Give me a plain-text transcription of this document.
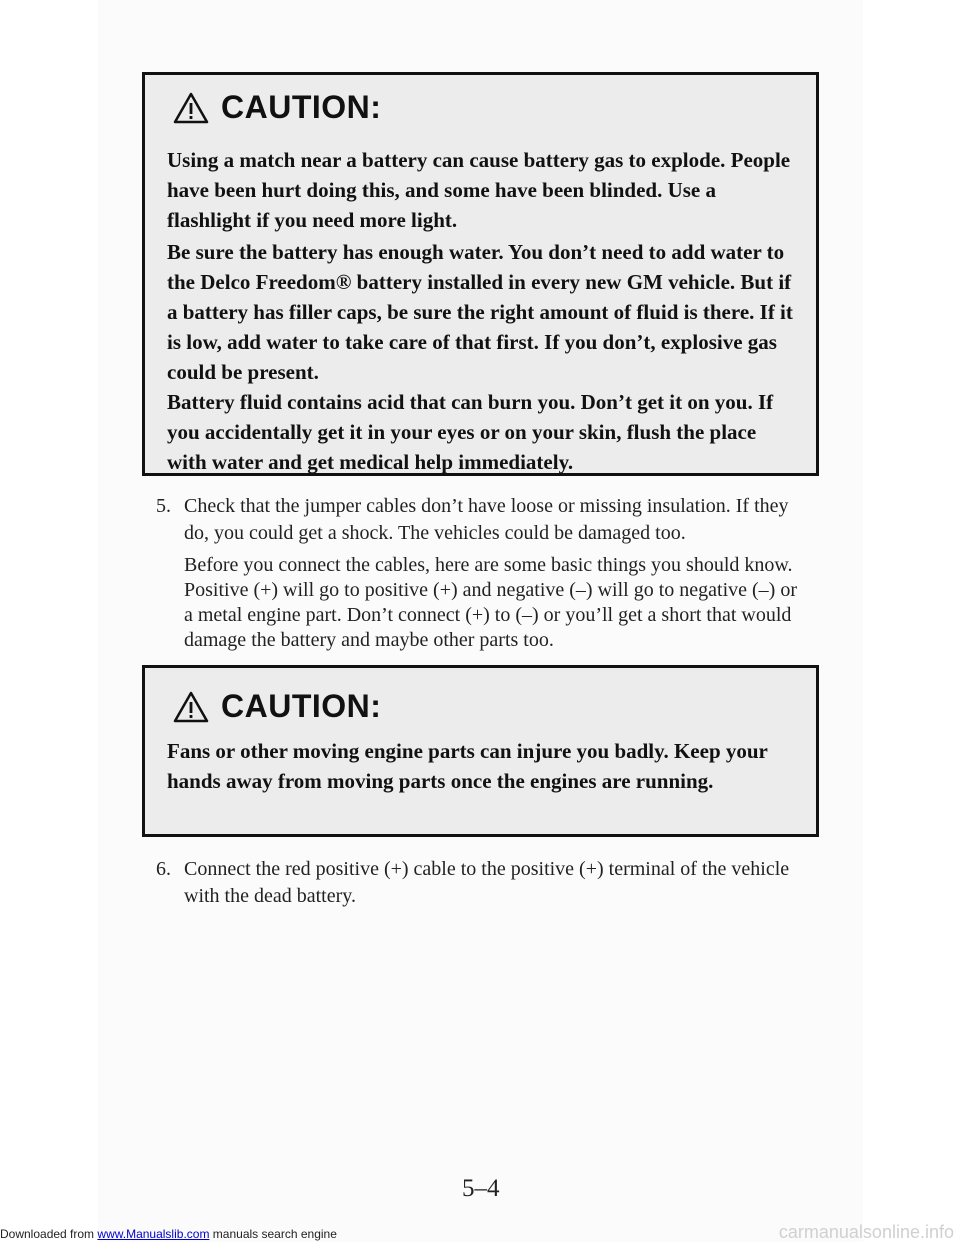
CAUTION:

Using a match near a battery can cause battery gas to explode. People have been hurt doing this, and some have been blinded. Use a flashlight if you need more light.

Be sure the battery has enough water. You don’t need to add water to the Delco Freedom® battery installed in every new GM vehicle. But if a battery has filler caps, be sure the right amount of fluid is there. If it is low, add water to take care of that first. If you don’t, explosive gas could be present.

Battery fluid contains acid that can burn you. Don’t get it on you. If you accidentally get it in your eyes or on your skin, flush the place with water and get medical help immediately.

5. Check that the jumper cables don’t have loose or missing insulation. If they do, you could get a shock. The vehicles could be damaged too.
Before you connect the cables, here are some basic things you should know. Positive (+) will go to positive (+) and negative (–) will go to negative (–) or a metal engine part. Don’t connect (+) to (–) or you’ll get a short that would damage the battery and maybe other parts too.
CAUTION:

Fans or other moving engine parts can injure you badly. Keep your hands away from moving parts once the engines are running.

6. Connect the red positive (+) cable to the positive (+) terminal of the vehicle with the dead battery.
5–4
Downloaded from www.Manualslib.com manuals search engine	carmanualsonline.info
